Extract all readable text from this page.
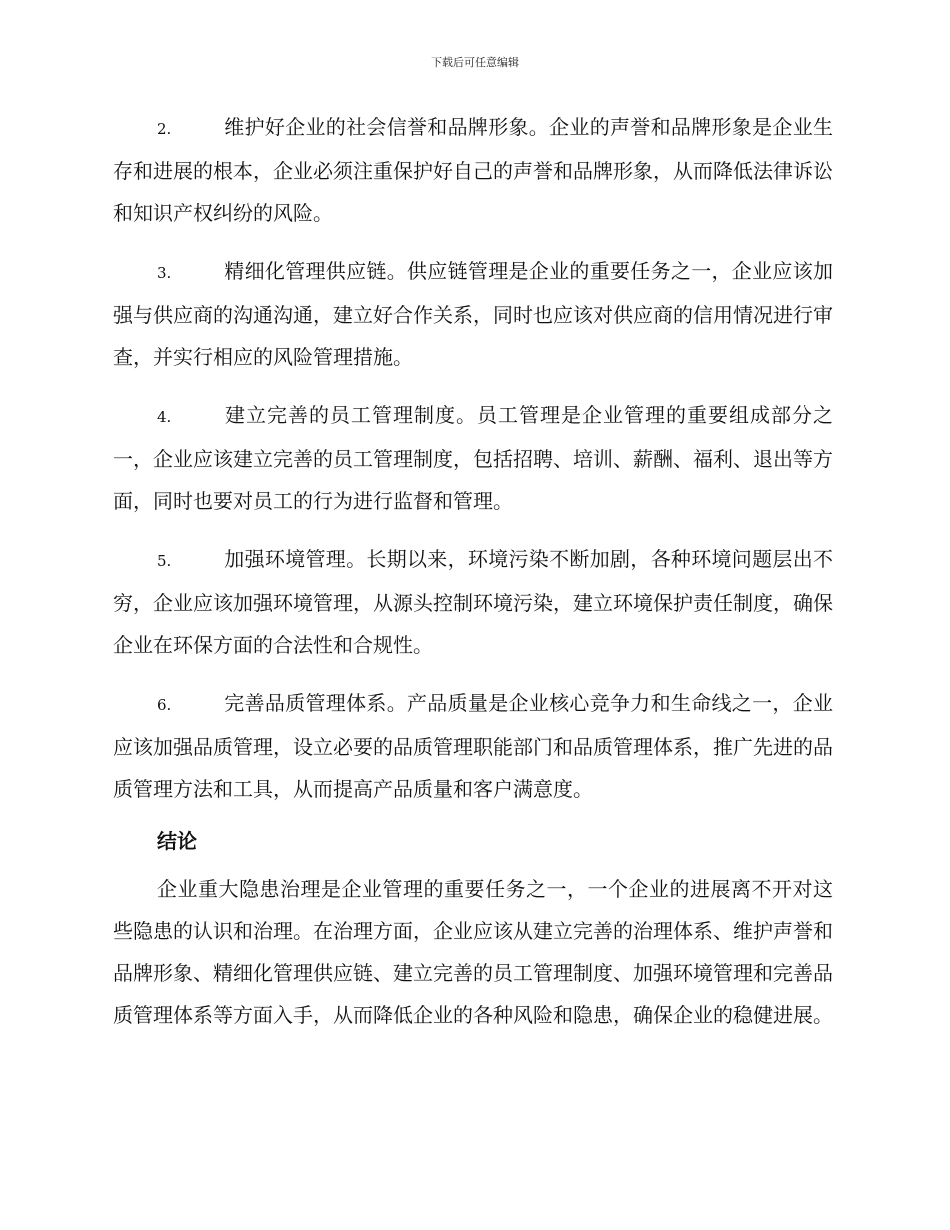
下载后可任意编辑

2.	维护好企业的社会信誉和品牌形象。企业的声誉和品牌形象是企业生存和进展的根本，企业必须注重保护好自己的声誉和品牌形象，从而降低法律诉讼和知识产权纠纷的风险。

3.	精细化管理供应链。供应链管理是企业的重要任务之一，企业应该加强与供应商的沟通沟通，建立好合作关系，同时也应该对供应商的信用情况进行审查，并实行相应的风险管理措施。

4.	建立完善的员工管理制度。员工管理是企业管理的重要组成部分之一，企业应该建立完善的员工管理制度，包括招聘、培训、薪酬、福利、退出等方面，同时也要对员工的行为进行监督和管理。

5.	加强环境管理。长期以来，环境污染不断加剧，各种环境问题层出不穷，企业应该加强环境管理，从源头控制环境污染，建立环境保护责任制度，确保企业在环保方面的合法性和合规性。

6.	完善品质管理体系。产品质量是企业核心竞争力和生命线之一，企业应该加强品质管理，设立必要的品质管理职能部门和品质管理体系，推广先进的品质管理方法和工具，从而提高产品质量和客户满意度。

结论

企业重大隐患治理是企业管理的重要任务之一，一个企业的进展离不开对这些隐患的认识和治理。在治理方面，企业应该从建立完善的治理体系、维护声誉和品牌形象、精细化管理供应链、建立完善的员工管理制度、加强环境管理和完善品质管理体系等方面入手，从而降低企业的各种风险和隐患，确保企业的稳健进展。
